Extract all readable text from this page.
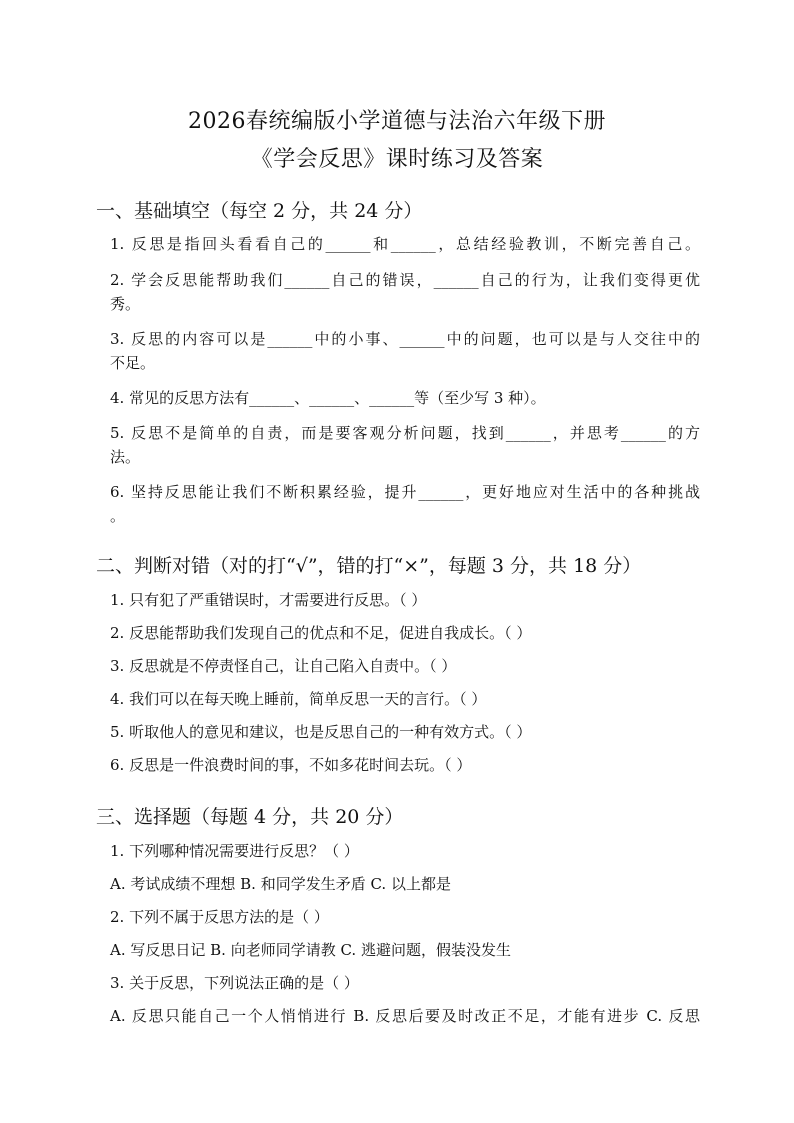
2026春统编版小学道德与法治六年级下册
《学会反思》课时练习及答案
一、基础填空（每空 2 分，共 24 分）
1. 反思是指回头看看自己的______和______，总结经验教训，不断完善自己。
2. 学会反思能帮助我们______自己的错误，______自己的行为，让我们变得更优
秀。
3. 反思的内容可以是______中的小事、______中的问题，也可以是与人交往中的
不足。
4. 常见的反思方法有______、______、______等（至少写 3 种）。
5. 反思不是简单的自责，而是要客观分析问题，找到______，并思考______的方
法。
6. 坚持反思能让我们不断积累经验，提升______，更好地应对生活中的各种挑战
。
二、判断对错（对的打“√”，错的打“×”，每题 3 分，共 18 分）
1. 只有犯了严重错误时，才需要进行反思。（ ）
2. 反思能帮助我们发现自己的优点和不足，促进自我成长。（ ）
3. 反思就是不停责怪自己，让自己陷入自责中。（ ）
4. 我们可以在每天晚上睡前，简单反思一天的言行。（ ）
5. 听取他人的意见和建议，也是反思自己的一种有效方式。（ ）
6. 反思是一件浪费时间的事，不如多花时间去玩。（ ）
三、选择题（每题 4 分，共 20 分）
1. 下列哪种情况需要进行反思？（ ）
A. 考试成绩不理想 B. 和同学发生矛盾 C. 以上都是
2. 下列不属于反思方法的是（ ）
A. 写反思日记 B. 向老师同学请教 C. 逃避问题，假装没发生
3. 关于反思，下列说法正确的是（ ）
A. 反思只能自己一个人悄悄进行 B. 反思后要及时改正不足，才能有进步 C. 反思
